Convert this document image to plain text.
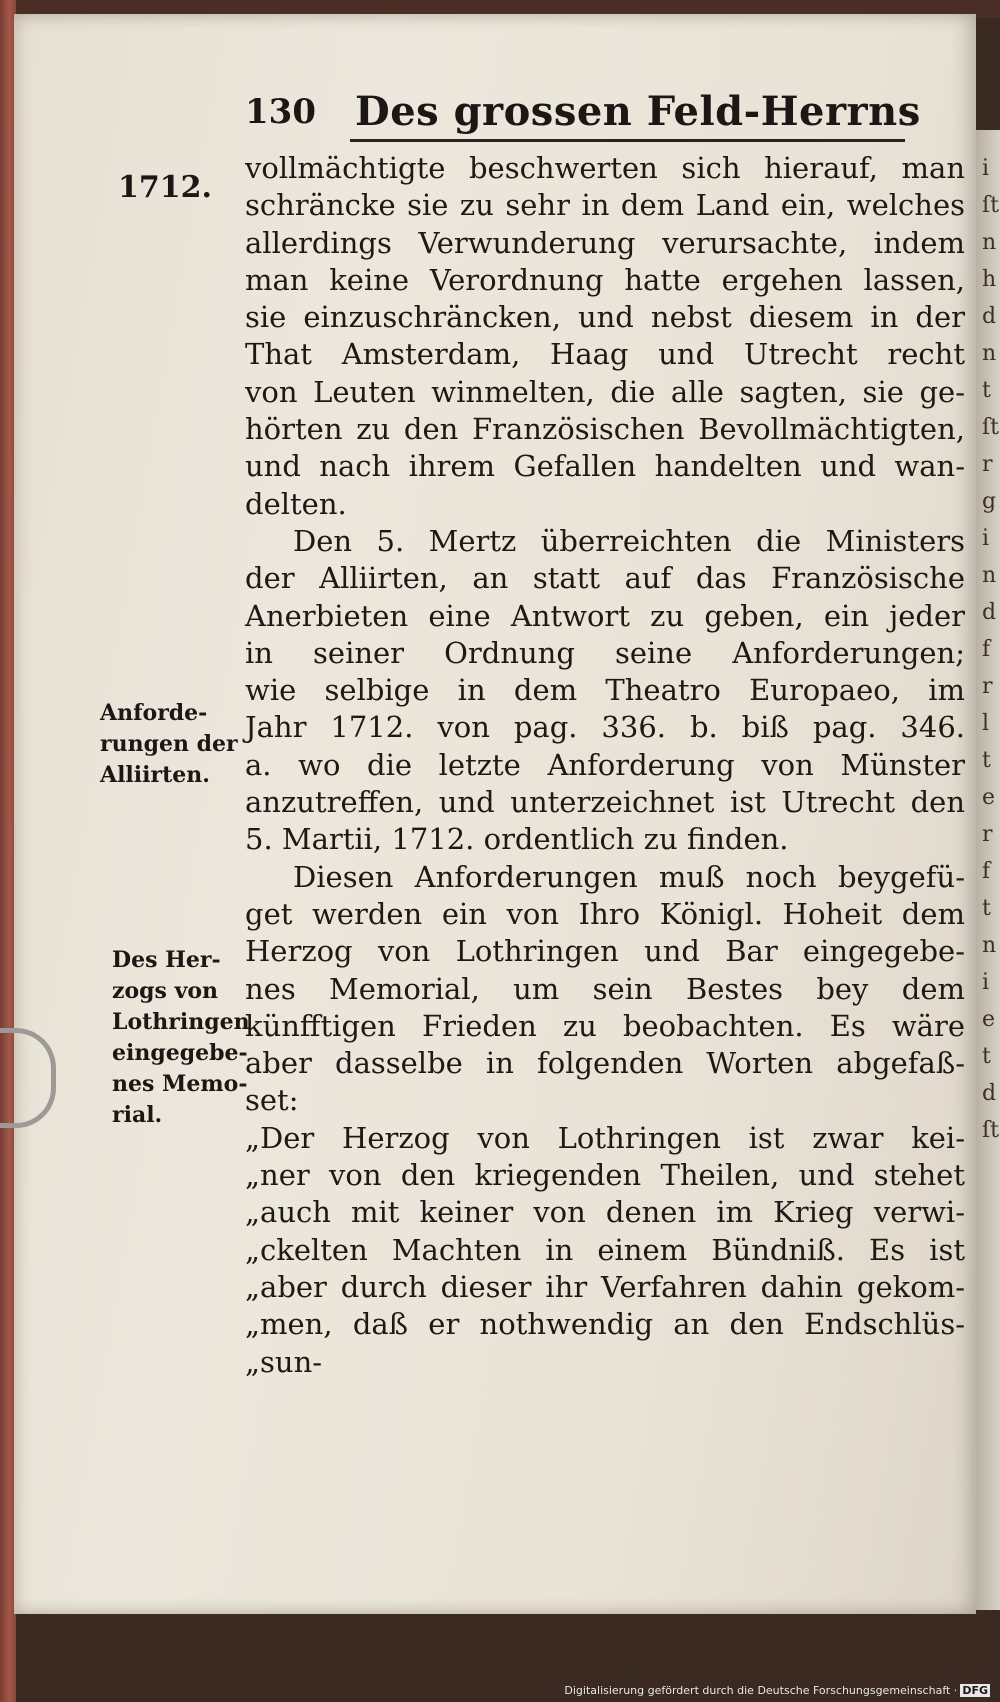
i
ſt
n
h
d
n
t
ſt
r
g
i
n
d
f
r
l
t
e
r
f
t
n
i
e
t
d
ſt
130 Des grossen Feld-Herrns
1712.
vollmächtigte beschwerten sich hierauf, man
schräncke sie zu sehr in dem Land ein, welches
allerdings Verwunderung verursachte, indem
man keine Verordnung hatte ergehen lassen,
sie einzuschräncken, und nebst diesem in der
That Amsterdam, Haag und Utrecht recht
von Leuten winmelten, die alle sagten, sie ge-
hörten zu den Französischen Bevollmächtigten,
und nach ihrem Gefallen handelten und wan-
delten.
Den 5. Mertz überreichten die Ministers
der Alliirten, an statt auf das Französische
Anerbieten eine Antwort zu geben, ein jeder
in seiner Ordnung seine Anforderungen;
wie selbige in dem Theatro Europaeo, im
Jahr 1712. von pag. 336. b. biß pag. 346.
a. wo die letzte Anforderung von Münster
anzutreffen, und unterzeichnet ist Utrecht den
5. Martii, 1712. ordentlich zu finden.
Diesen Anforderungen muß noch beygefü-
get werden ein von Ihro Königl. Hoheit dem
Herzog von Lothringen und Bar eingegebe-
nes Memorial, um sein Bestes bey dem
künfftigen Frieden zu beobachten. Es wäre
aber dasselbe in folgenden Worten abgefaß-
set:
„Der Herzog von Lothringen ist zwar kei-
„ner von den kriegenden Theilen, und stehet
„auch mit keiner von denen im Krieg verwi-
„ckelten Machten in einem Bündniß. Es ist
„aber durch dieser ihr Verfahren dahin gekom-
„men, daß er nothwendig an den Endschlüs-
„sun-
Anforde-
rungen der
Alliirten.
Des Her-
zogs von
Lothringen
eingegebe-
nes Memo-
rial.
Digitalisierung gefördert durch die Deutsche Forschungsgemeinschaft · DFG
